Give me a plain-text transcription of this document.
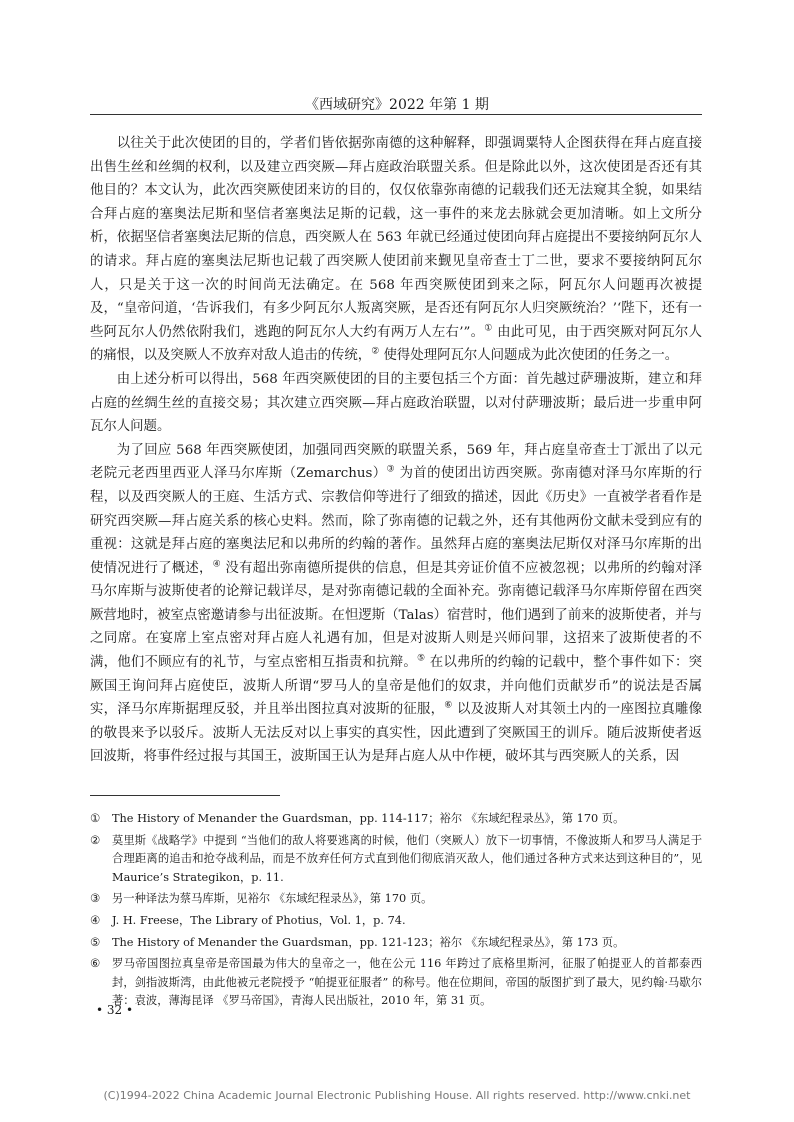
《西域研究》2022 年第 1 期

以往关于此次使团的目的，学者们皆依据弥南德的这种解释，即强调粟特人企图获得在拜占庭直接出售生丝和丝绸的权利，以及建立西突厥—拜占庭政治联盟关系。但是除此以外，这次使团是否还有其他目的？本文认为，此次西突厥使团来访的目的，仅仅依靠弥南德的记载我们还无法窥其全貌，如果结合拜占庭的塞奥法尼斯和坚信者塞奥法足斯的记载，这一事件的来龙去脉就会更加清晰。如上文所分析，依据坚信者塞奥法尼斯的信息，西突厥人在 563 年就已经通过使团向拜占庭提出不要接纳阿瓦尔人的请求。拜占庭的塞奥法尼斯也记载了西突厥人使团前来觐见皇帝查士丁二世，要求不要接纳阿瓦尔人，只是关于这一次的时间尚无法确定。在 568 年西突厥使团到来之际，阿瓦尔人问题再次被提及，“皇帝问道，‘告诉我们，有多少阿瓦尔人叛离突厥，是否还有阿瓦尔人归突厥统治？’‘陛下，还有一些阿瓦尔人仍然依附我们，逃跑的阿瓦尔人大约有两万人左右’”。① 由此可见，由于西突厥对阿瓦尔人的痛恨，以及突厥人不放弃对敌人追击的传统，② 使得处理阿瓦尔人问题成为此次使团的任务之一。

由上述分析可以得出，568 年西突厥使团的目的主要包括三个方面：首先越过萨珊波斯，建立和拜占庭的丝绸生丝的直接交易；其次建立西突厥—拜占庭政治联盟，以对付萨珊波斯；最后进一步重申阿瓦尔人问题。

为了回应 568 年西突厥使团，加强同西突厥的联盟关系，569 年，拜占庭皇帝查士丁派出了以元老院元老西里西亚人泽马尔库斯（Zemarchus）③ 为首的使团出访西突厥。弥南德对泽马尔库斯的行程，以及西突厥人的王庭、生活方式、宗教信仰等进行了细致的描述，因此《历史》一直被学者看作是研究西突厥—拜占庭关系的核心史料。然而，除了弥南德的记载之外，还有其他两份文献未受到应有的重视：这就是拜占庭的塞奥法尼和以弗所的约翰的著作。虽然拜占庭的塞奥法尼斯仅对泽马尔库斯的出使情况进行了概述，④ 没有超出弥南德所提供的信息，但是其旁证价值不应被忽视；以弗所的约翰对泽马尔库斯与波斯使者的论辩记载详尽，是对弥南德记载的全面补充。弥南德记载泽马尔库斯停留在西突厥营地时，被室点密邀请参与出征波斯。在怛逻斯（Talas）宿营时，他们遇到了前来的波斯使者，并与之同席。在宴席上室点密对拜占庭人礼遇有加，但是对波斯人则是兴师问罪，这招来了波斯使者的不满，他们不顾应有的礼节，与室点密相互指责和抗辩。⑤ 在以弗所的约翰的记载中，整个事件如下：突厥国王询问拜占庭使臣，波斯人所谓“罗马人的皇帝是他们的奴隶，并向他们贡献岁币”的说法是否属实，泽马尔库斯据理反驳，并且举出图拉真对波斯的征服，⑥ 以及波斯人对其领土内的一座图拉真雕像的敬畏来予以驳斥。波斯人无法反对以上事实的真实性，因此遭到了突厥国王的训斥。随后波斯使者返回波斯，将事件经过报与其国王，波斯国王认为是拜占庭人从中作梗，破坏其与西突厥人的关系，因

①	The History of Menander the Guardsman，pp. 114-117；裕尔 《东域纪程录丛》，第 170 页。
②	莫里斯《战略学》中提到 “当他们的敌人将要逃离的时候，他们（突厥人）放下一切事情，不像波斯人和罗马人满足于合理距离的追击和抢夺战利品，而是不放弃任何方式直到他们彻底消灭敌人，他们通过各种方式来达到这种目的”，见 Maurice’s Strategikon，p. 11.
③	另一种译法为蔡马库斯，见裕尔 《东域纪程录丛》，第 170 页。
④	J. H. Freese，The Library of Photius，Vol. 1，p. 74.
⑤	The History of Menander the Guardsman，pp. 121-123；裕尔 《东域纪程录丛》，第 173 页。
⑥	罗马帝国图拉真皇帝是帝国最为伟大的皇帝之一，他在公元 116 年跨过了底格里斯河，征服了帕提亚人的首都泰西封，剑指波斯湾，由此他被元老院授予 “帕提亚征服者” 的称号。他在位期间，帝国的版图扩到了最大，见约翰·马歇尔著：袁波，薄海昆译 《罗马帝国》，青海人民出版社，2010 年，第 31 页。
• 32 •
(C)1994-2022 China Academic Journal Electronic Publishing House. All rights reserved. http://www.cnki.net
